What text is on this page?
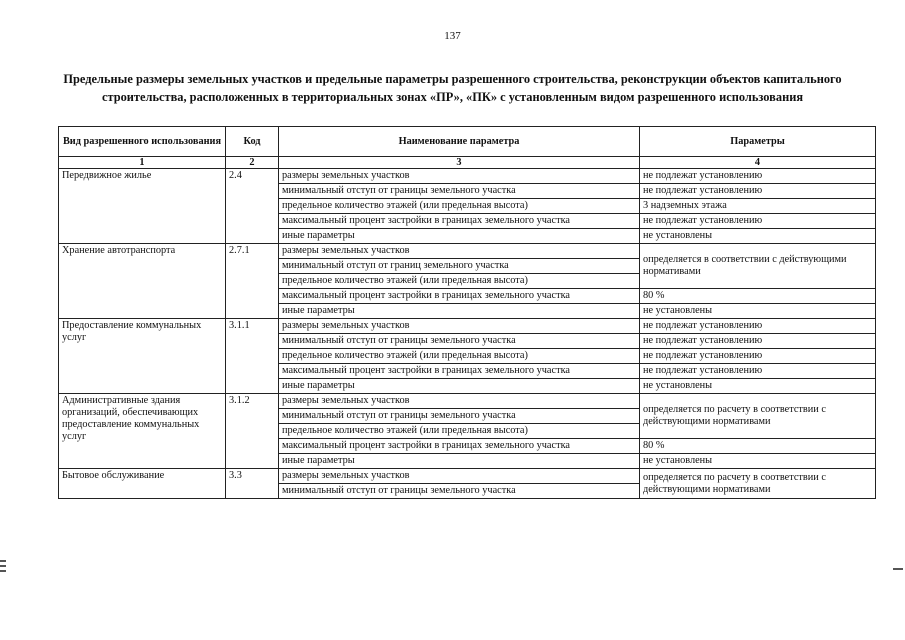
137
Предельные размеры земельных участков и предельные параметры разрешенного строительства, реконструкции объектов капитального строительства, расположенных в территориальных зонах «ПР», «ПК» с установленным видом разрешенного использования
Вид разрешенного использования	Код	Наименование параметра	Параметры
1	2	3	4
Передвижное жилье	2.4	размеры земельных участков	не подлежат установлению
		минимальный отступ от границы земельного участка	не подлежат установлению
		предельное количество этажей (или предельная высота)	3 надземных этажа
		максимальный процент застройки в границах земельного участка	не подлежат установлению
		иные параметры	не установлены
Хранение автотранспорта	2.7.1	размеры земельных участков	определяется в соответствии с действующими нормативами
		минимальный отступ от границ земельного участка	
		предельное количество этажей (или предельная высота)	
		максимальный процент застройки в границах земельного участка	80 %
		иные параметры	не установлены
Предоставление коммунальных услуг	3.1.1	размеры земельных участков	не подлежат установлению
		минимальный отступ от границы земельного участка	не подлежат установлению
		предельное количество этажей (или предельная высота)	не подлежат установлению
		максимальный процент застройки в границах земельного участка	не подлежат установлению
		иные параметры	не установлены
Административные здания организаций, обеспечивающих предоставление коммунальных услуг	3.1.2	размеры земельных участков	определяется по расчету в соответствии с действующими нормативами
		минимальный отступ от границы земельного участка	
		предельное количество этажей (или предельная высота)	
		максимальный процент застройки в границах земельного участка	80 %
		иные параметры	не установлены
Бытовое обслуживание	3.3	размеры земельных участков	определяется по расчету в соответствии с действующими нормативами
		минимальный отступ от границы земельного участка	
